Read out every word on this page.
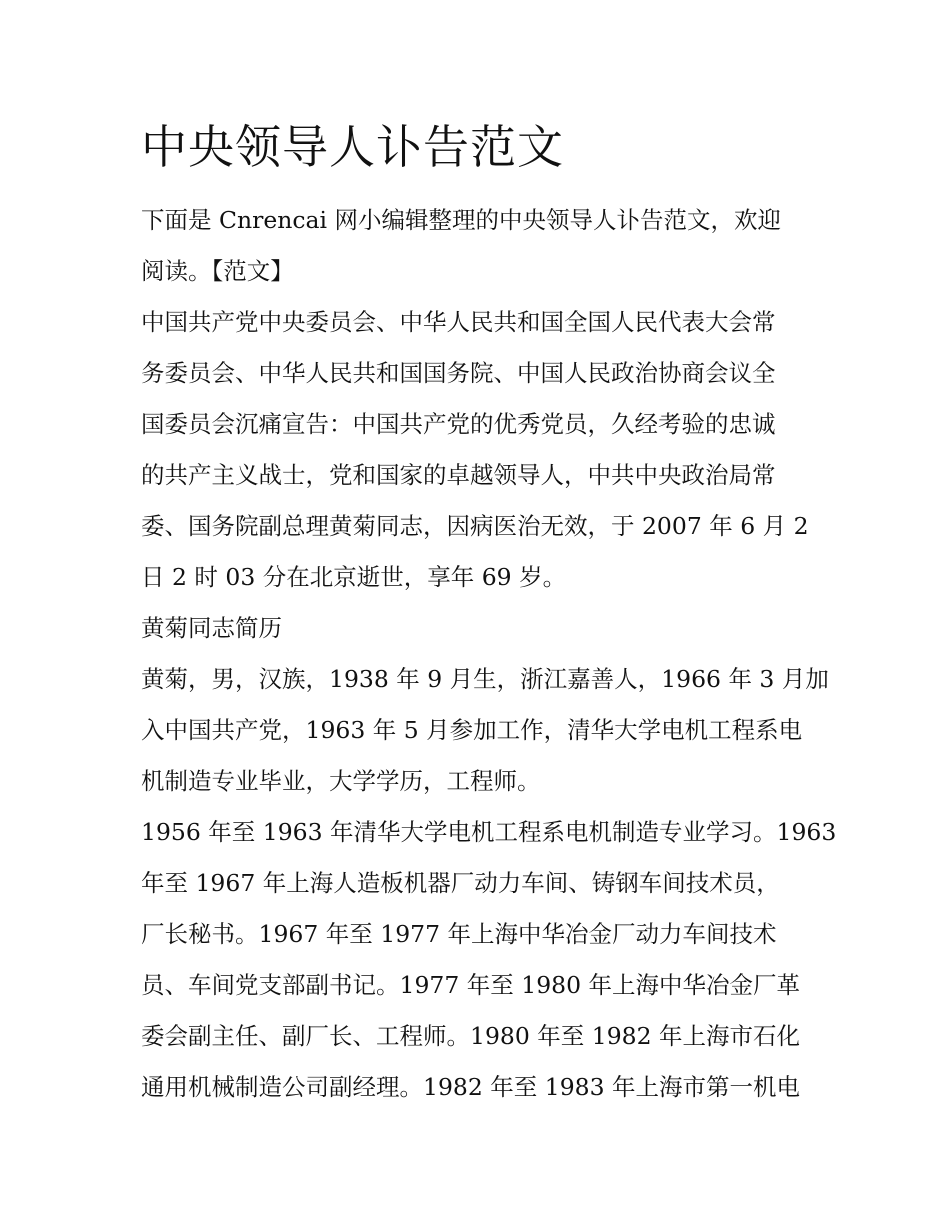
中央领导人讣告范文

下面是 Cnrencai 网小编辑整理的中央领导人讣告范文，欢迎

阅读。【范文】

中国共产党中央委员会、中华人民共和国全国人民代表大会常

务委员会、中华人民共和国国务院、中国人民政治协商会议全

国委员会沉痛宣告：中国共产党的优秀党员，久经考验的忠诚

的共产主义战士，党和国家的卓越领导人，中共中央政治局常

委、国务院副总理黄菊同志，因病医治无效，于 2007 年 6 月 2

日 2 时 03 分在北京逝世，享年 69 岁。

黄菊同志简历

黄菊，男，汉族，1938 年 9 月生，浙江嘉善人，1966 年 3 月加

入中国共产党，1963 年 5 月参加工作，清华大学电机工程系电

机制造专业毕业，大学学历，工程师。

1956 年至 1963 年清华大学电机工程系电机制造专业学习。1963

年至 1967 年上海人造板机器厂动力车间、铸钢车间技术员，

厂长秘书。1967 年至 1977 年上海中华冶金厂动力车间技术

员、车间党支部副书记。1977 年至 1980 年上海中华冶金厂革

委会副主任、副厂长、工程师。1980 年至 1982 年上海市石化

通用机械制造公司副经理。1982 年至 1983 年上海市第一机电
